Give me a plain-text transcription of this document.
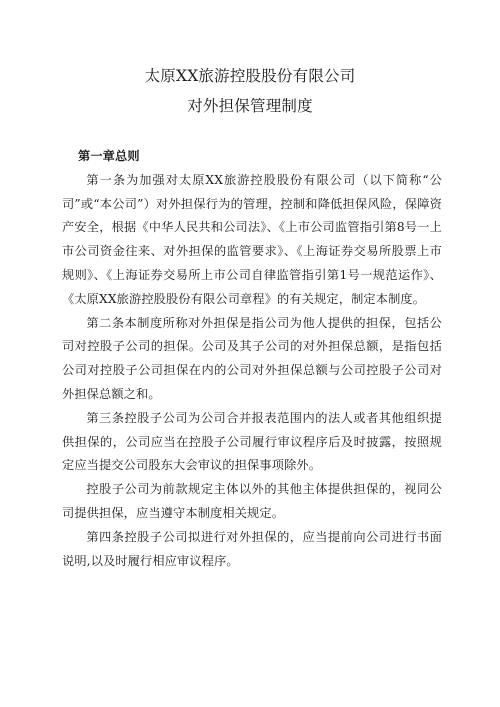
太原XX旅游控股股份有限公司
对外担保管理制度

第一章总则

第一条为加强对太原XX旅游控股股份有限公司（以下简称“公司”或“本公司”）对外担保行为的管理，控制和降低担保风险，保障资产安全，根据《中华人民共和公司法》、《上市公司监管指引第8号一上市公司资金往来、对外担保的监管要求》、《上海证券交易所股票上市规则》、《上海证券交易所上市公司自律监管指引第1号一规范运作》、《太原XX旅游控股股份有限公司章程》的有关规定，制定本制度。

第二条本制度所称对外担保是指公司为他人提供的担保，包括公司对控股子公司的担保。公司及其子公司的对外担保总额，是指包括公司对控股子公司担保在内的公司对外担保总额与公司控股子公司对外担保总额之和。

第三条控股子公司为公司合并报表范围内的法人或者其他组织提供担保的，公司应当在控股子公司履行审议程序后及时披露，按照规定应当提交公司股东大会审议的担保事项除外。

控股子公司为前款规定主体以外的其他主体提供担保的，视同公司提供担保，应当遵守本制度相关规定。

第四条控股子公司拟进行对外担保的，应当提前向公司进行书面说明,以及时履行相应审议程序。
